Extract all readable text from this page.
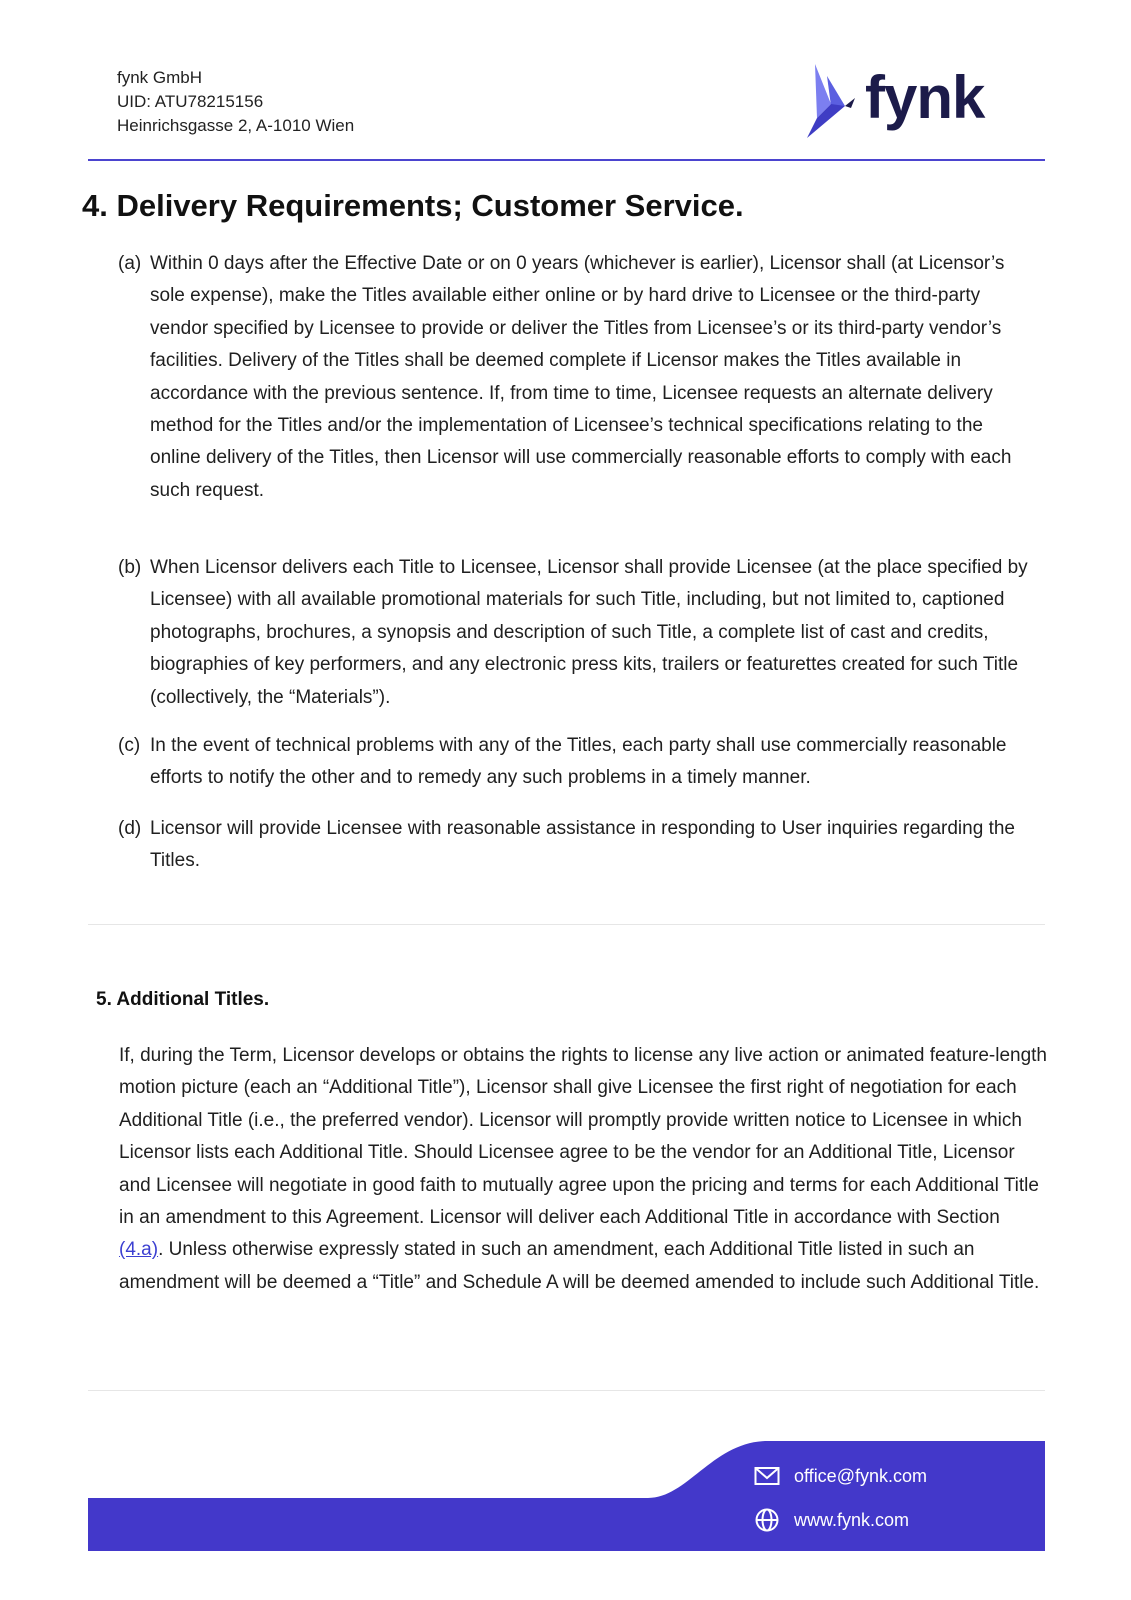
fynk GmbH
UID: ATU78215156
Heinrichsgasse 2, A-1010 Wien	fynk
4. Delivery Requirements; Customer Service.
(a) Within 0 days after the Effective Date or on 0 years (whichever is earlier), Licensor shall (at Licensor’s sole expense), make the Titles available either online or by hard drive to Licensee or the third-party vendor specified by Licensee to provide or deliver the Titles from Licensee’s or its third-party vendor’s facilities. Delivery of the Titles shall be deemed complete if Licensor makes the Titles available in accordance with the previous sentence. If, from time to time, Licensee requests an alternate delivery method for the Titles and/or the implementation of Licensee’s technical specifications relating to the online delivery of the Titles, then Licensor will use commercially reasonable efforts to comply with each such request.
(b) When Licensor delivers each Title to Licensee, Licensor shall provide Licensee (at the place specified by Licensee) with all available promotional materials for such Title, including, but not limited to, captioned photographs, brochures, a synopsis and description of such Title, a complete list of cast and credits, biographies of key performers, and any electronic press kits, trailers or featurettes created for such Title (collectively, the “Materials”).
(c) In the event of technical problems with any of the Titles, each party shall use commercially reasonable efforts to notify the other and to remedy any such problems in a timely manner.
(d) Licensor will provide Licensee with reasonable assistance in responding to User inquiries regarding the Titles.
5. Additional Titles.

If, during the Term, Licensor develops or obtains the rights to license any live action or animated feature-length motion picture (each an “Additional Title”), Licensor shall give Licensee the first right of negotiation for each Additional Title (i.e., the preferred vendor). Licensor will promptly provide written notice to Licensee in which Licensor lists each Additional Title. Should Licensee agree to be the vendor for an Additional Title, Licensor and Licensee will negotiate in good faith to mutually agree upon the pricing and terms for each Additional Title in an amendment to this Agreement. Licensor will deliver each Additional Title in accordance with Section (4.a). Unless otherwise expressly stated in such an amendment, each Additional Title listed in such an amendment will be deemed a “Title” and Schedule A will be deemed amended to include such Additional Title.

office@fynk.com
www.fynk.com
